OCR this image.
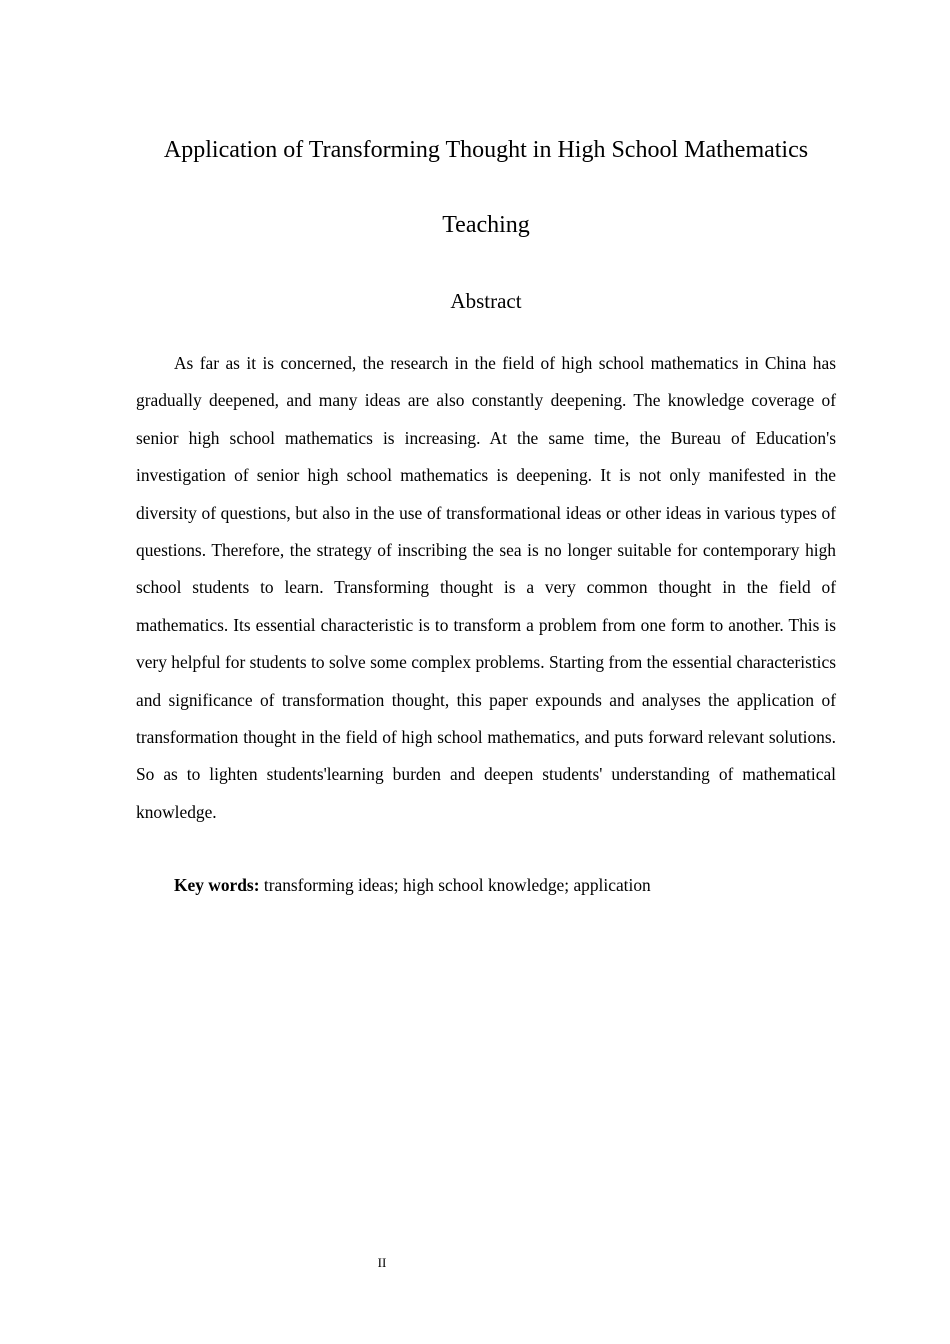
Application of Transforming Thought in High School Mathematics
Teaching
Abstract

As far as it is concerned, the research in the field of high school mathematics in China has gradually deepened, and many ideas are also constantly deepening. The knowledge coverage of senior high school mathematics is increasing. At the same time, the Bureau of Education's investigation of senior high school mathematics is deepening. It is not only manifested in the diversity of questions, but also in the use of transformational ideas or other ideas in various types of questions. Therefore, the strategy of inscribing the sea is no longer suitable for contemporary high school students to learn. Transforming thought is a very common thought in the field of mathematics. Its essential characteristic is to transform a problem from one form to another. This is very helpful for students to solve some complex problems. Starting from the essential characteristics and significance of transformation thought, this paper expounds and analyses the application of transformation thought in the field of high school mathematics, and puts forward relevant solutions. So as to lighten students'learning burden and deepen students' understanding of mathematical knowledge.

Key words: transforming ideas; high school knowledge; application

II
